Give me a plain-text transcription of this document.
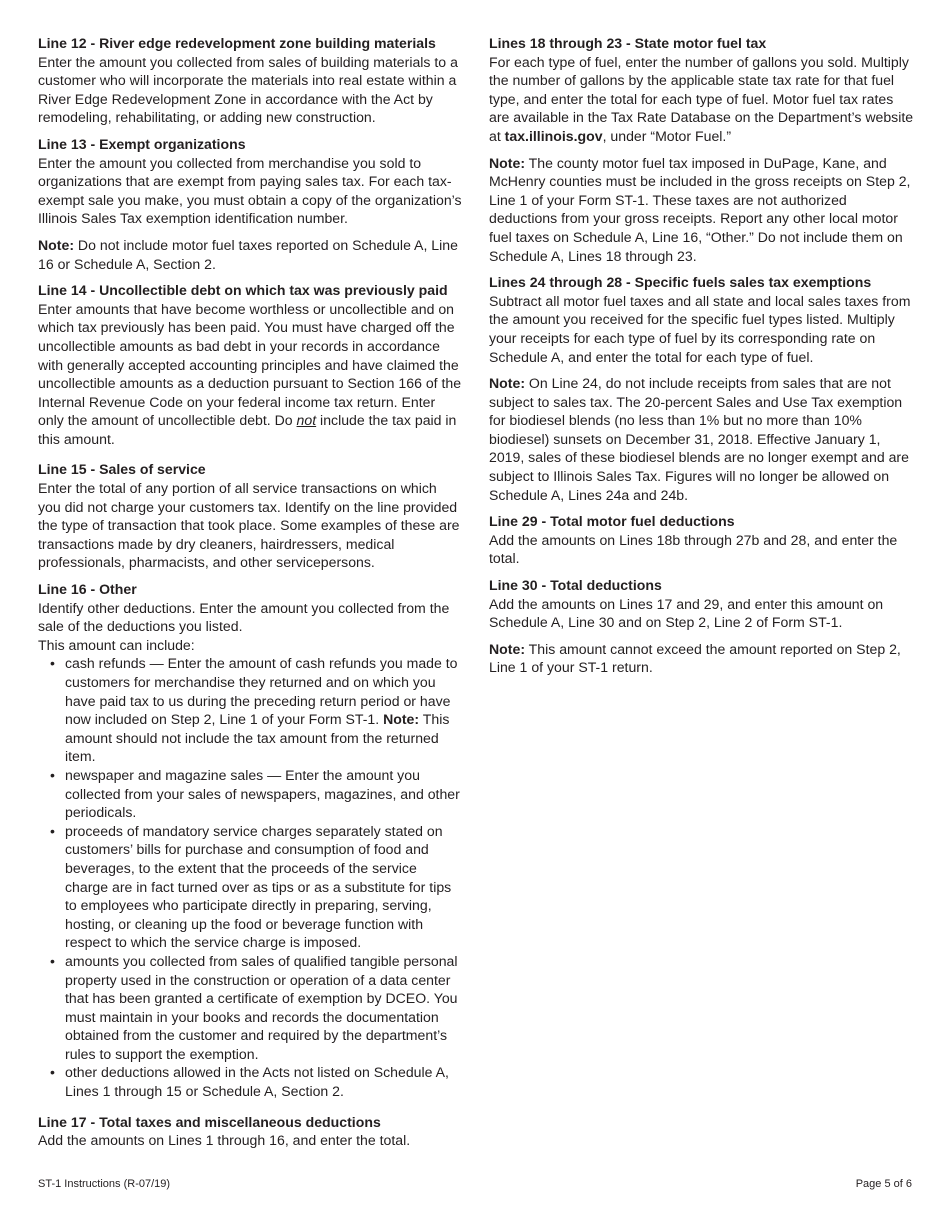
Line 12 - River edge redevelopment zone building materials

Enter the amount you collected from sales of building materials to a customer who will incorporate the materials into real estate within a River Edge Redevelopment Zone in accordance with the Act by remodeling, rehabilitating, or adding new construction.

Line 13 - Exempt organizations

Enter the amount you collected from merchandise you sold to organizations that are exempt from paying sales tax. For each tax-exempt sale you make, you must obtain a copy of the organization’s Illinois Sales Tax exemption identification number.

Note: Do not include motor fuel taxes reported on Schedule A, Line 16 or Schedule A, Section 2.

Line 14 - Uncollectible debt on which tax was previously paid

Enter amounts that have become worthless or uncollectible and on which tax previously has been paid. You must have charged off the uncollectible amounts as bad debt in your records in accordance with generally accepted accounting principles and have claimed the uncollectible amounts as a deduction pursuant to Section 166 of the Internal Revenue Code on your federal income tax return. Enter only the amount of uncollectible debt. Do not include the tax paid in this amount.

Line 15 - Sales of service

Enter the total of any portion of all service transactions on which you did not charge your customers tax. Identify on the line provided the type of transaction that took place. Some examples of these are transactions made by dry cleaners, hairdressers, medical professionals, pharmacists, and other servicepersons.

Line 16 - Other

Identify other deductions. Enter the amount you collected from the sale of the deductions you listed.

This amount can include:

• cash refunds — Enter the amount of cash refunds you made to customers for merchandise they returned and on which you have paid tax to us during the preceding return period or have now included on Step 2, Line 1 of your Form ST-1. Note: This amount should not include the tax amount from the returned item.
• newspaper and magazine sales — Enter the amount you collected from your sales of newspapers, magazines, and other periodicals.
• proceeds of mandatory service charges separately stated on customers’ bills for purchase and consumption of food and beverages, to the extent that the proceeds of the service charge are in fact turned over as tips or as a substitute for tips to employees who participate directly in preparing, serving, hosting, or cleaning up the food or beverage function with respect to which the service charge is imposed.
• amounts you collected from sales of qualified tangible personal property used in the construction or operation of a data center that has been granted a certificate of exemption by DCEO. You must maintain in your books and records the documentation obtained from the customer and required by the department’s rules to support the exemption.
• other deductions allowed in the Acts not listed on Schedule A, Lines 1 through 15 or Schedule A, Section 2.

Line 17 - Total taxes and miscellaneous deductions

Add the amounts on Lines 1 through 16, and enter the total.

Lines 18 through 23 - State motor fuel tax

For each type of fuel, enter the number of gallons you sold. Multiply the number of gallons by the applicable state tax rate for that fuel type, and enter the total for each type of fuel. Motor fuel tax rates are available in the Tax Rate Database on the Department’s website at tax.illinois.gov, under “Motor Fuel.”

Note: The county motor fuel tax imposed in DuPage, Kane, and McHenry counties must be included in the gross receipts on Step 2, Line 1 of your Form ST-1. These taxes are not authorized deductions from your gross receipts. Report any other local motor fuel taxes on Schedule A, Line 16, “Other.” Do not include them on Schedule A, Lines 18 through 23.

Lines 24 through 28 - Specific fuels sales tax exemptions

Subtract all motor fuel taxes and all state and local sales taxes from the amount you received for the specific fuel types listed. Multiply your receipts for each type of fuel by its corresponding rate on Schedule A, and enter the total for each type of fuel.

Note: On Line 24, do not include receipts from sales that are not subject to sales tax. The 20-percent Sales and Use Tax exemption for biodiesel blends (no less than 1% but no more than 10% biodiesel) sunsets on December 31, 2018. Effective January 1, 2019, sales of these biodiesel blends are no longer exempt and are subject to Illinois Sales Tax. Figures will no longer be allowed on Schedule A, Lines 24a and 24b.

Line 29 - Total motor fuel deductions

Add the amounts on Lines 18b through 27b and 28, and enter the total.

Line 30 - Total deductions

Add the amounts on Lines 17 and 29, and enter this amount on Schedule A, Line 30 and on Step 2, Line 2 of Form ST-1.

Note: This amount cannot exceed the amount reported on Step 2, Line 1 of your ST-1 return.

ST-1 Instructions (R-07/19)	Page 5 of 6
